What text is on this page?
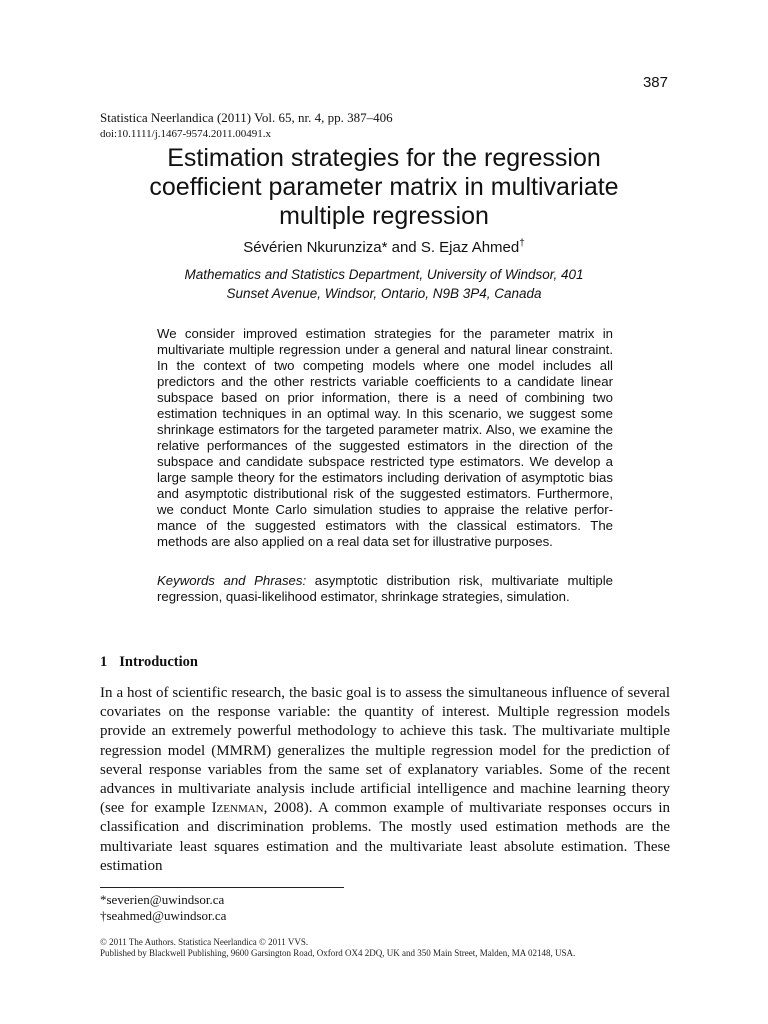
387
Statistica Neerlandica (2011) Vol. 65, nr. 4, pp. 387–406
doi:10.1111/j.1467-9574.2011.00491.x
Estimation strategies for the regression
coefficient parameter matrix in multivariate
multiple regression
Sévérien Nkurunziza* and S. Ejaz Ahmed†
Mathematics and Statistics Department, University of Windsor, 401
Sunset Avenue, Windsor, Ontario, N9B 3P4, Canada

We consider improved estimation strategies for the parameter matrix in multivariate multiple regression under a general and natural linear constraint. In the context of two competing models where one model includes all predictors and the other restricts variable coefficients to a candidate linear subspace based on prior information, there is a need of combining two estimation techniques in an optimal way. In this scenario, we suggest some shrinkage estimators for the targeted parameter matrix. Also, we examine the relative performances of the suggested estimators in the direction of the subspace and candidate subspace restricted type estimators. We develop a large sample theory for the estimators including derivation of asymptotic bias and asymptotic distributional risk of the suggested estimators. Furthermore, we conduct Monte Carlo simulation studies to appraise the relative performance of the suggested estimators with the classical estimators. The methods are also applied on a real data set for illustrative purposes.

Keywords and Phrases: asymptotic distribution risk, multivariate multiple regression, quasi-likelihood estimator, shrinkage strategies, simulation.

1 Introduction

In a host of scientific research, the basic goal is to assess the simultaneous influence of several covariates on the response variable: the quantity of interest. Multiple regression models provide an extremely powerful methodology to achieve this task. The multivariate multiple regression model (MMRM) generalizes the multiple regression model for the prediction of several response variables from the same set of explanatory variables. Some of the recent advances in multivariate analysis include artificial intelligence and machine learning theory (see for example Izenman, 2008). A common example of multivariate responses occurs in classification and discrimination problems. The mostly used estimation methods are the multivariate least squares estimation and the multivariate least absolute estimation. These estimation

*severien@uwindsor.ca
†seahmed@uwindsor.ca
© 2011 The Authors. Statistica Neerlandica © 2011 VVS.
Published by Blackwell Publishing, 9600 Garsington Road, Oxford OX4 2DQ, UK and 350 Main Street, Malden, MA 02148, USA.
